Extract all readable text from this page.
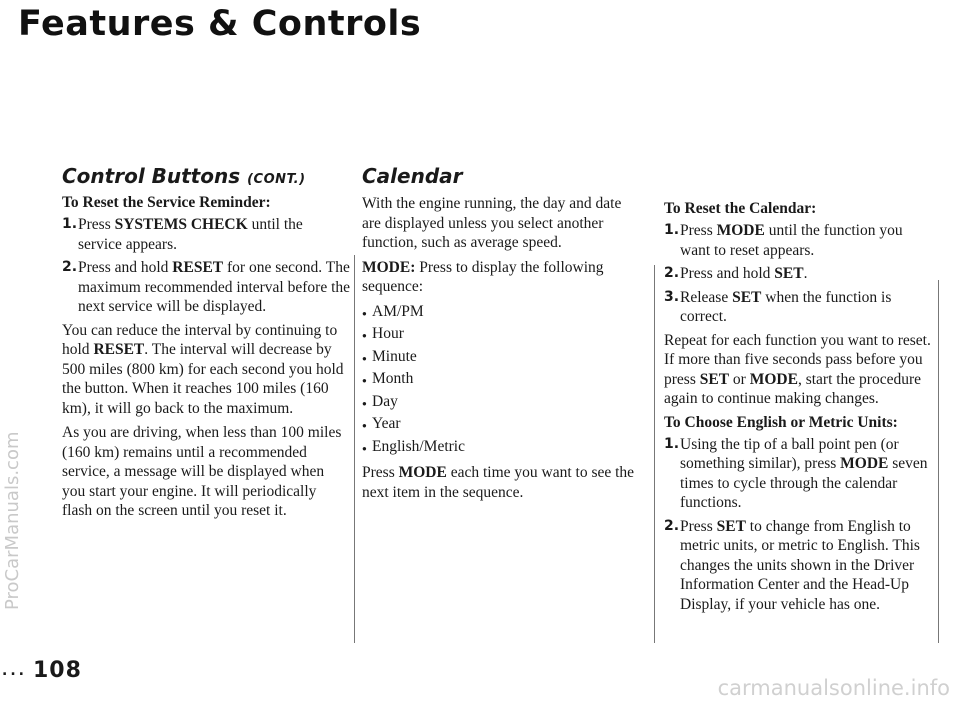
Features & Controls
ProCarManuals.com
Control Buttons (CONT.)
To Reset the Service Reminder:
1. Press SYSTEMS CHECK until the service appears.
2. Press and hold RESET for one second. The maximum recommended interval before the next service will be displayed.

You can reduce the interval by continuing to hold RESET. The interval will decrease by 500 miles (800 km) for each second you hold the button. When it reaches 100 miles (160 km), it will go back to the maximum.

As you are driving, when less than 100 miles (160 km) remains until a recommended service, a message will be displayed when you start your engine. It will periodically flash on the screen until you reset it.

Calendar

With the engine running, the day and date are displayed unless you select another function, such as average speed.

MODE: Press to display the following sequence:

● AM/PM
● Hour
● Minute
● Month
● Day
● Year
● English/Metric

Press MODE each time you want to see the next item in the sequence.

To Reset the Calendar:
1. Press MODE until the function you want to reset appears.
2. Press and hold SET.
3. Release SET when the function is correct.

Repeat for each function you want to reset. If more than five seconds pass before you press SET or MODE, start the procedure again to continue making changes.

To Choose English or Metric Units:
1. Using the tip of a ball point pen (or something similar), press MODE seven times to cycle through the calendar functions.
2. Press SET to change from English to metric units, or metric to English. This changes the units shown in the Driver Information Center and the Head-Up Display, if your vehicle has one.
... 108
carmanualsonline.info
